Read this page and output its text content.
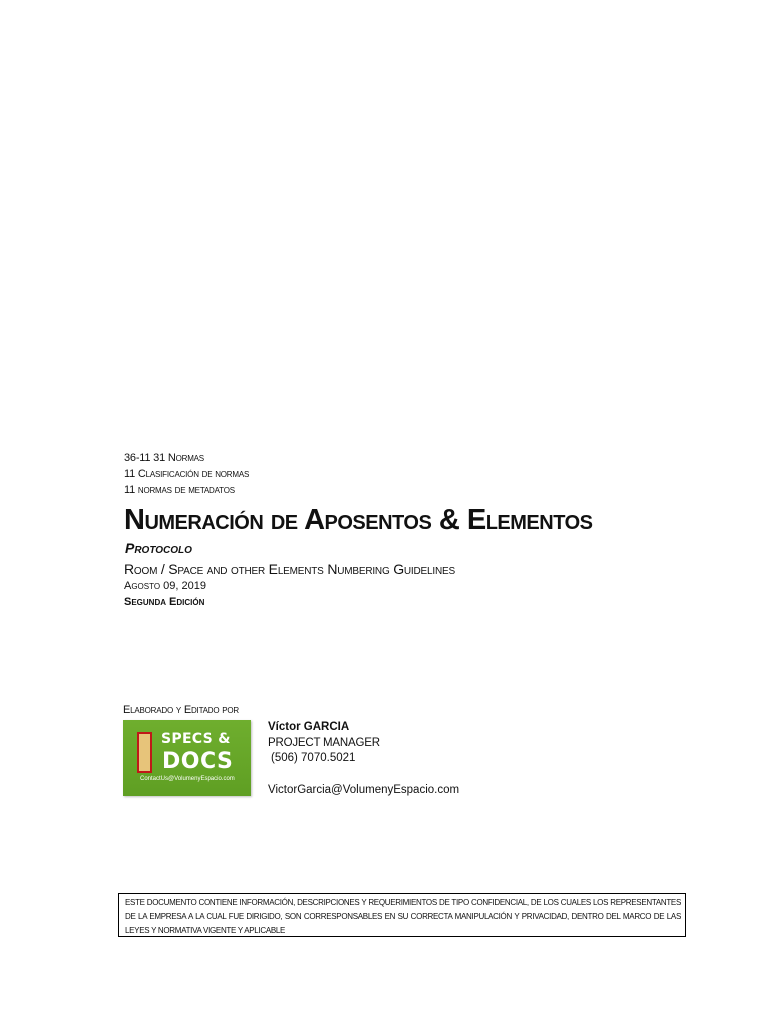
36-11 31 Normas
11 Clasificación de normas
11 normas de metadatos
Numeración de Aposentos & Elementos
Protocolo
Room / Space and other Elements Numbering Guidelines
Agosto 09, 2019
Segunda Edición
Elaborado y Editado por
SPECS &
DOCS
ContactUs@VolumenyEspacio.com
Víctor GARCIA
PROJECT MANAGER
(506) 7070.5021
VictorGarcia@VolumenyEspacio.com
ESTE DOCUMENTO CONTIENE INFORMACIÓN, DESCRIPCIONES Y REQUERIMIENTOS DE TIPO CONFIDENCIAL, DE LOS CUALES LOS REPRESENTANTES DE LA EMPRESA A LA CUAL FUE DIRIGIDO, SON CORRESPONSABLES EN SU CORRECTA MANIPULACIÓN Y PRIVACIDAD, DENTRO DEL MARCO DE LAS LEYES Y NORMATIVA VIGENTE Y APLICABLE
